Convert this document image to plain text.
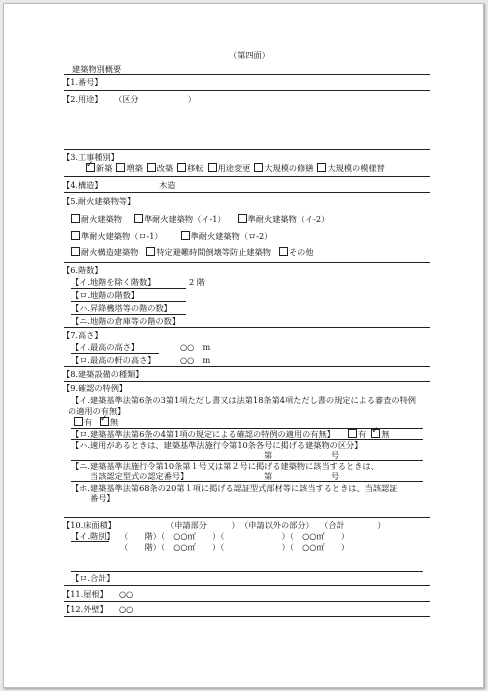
（第四面）
建築物別概要
【1.番号】
【2.用途】 （区分　　　　　　）
【3.工事種別】
✓新築 増築 改築 移転 用途変更 大規模の修繕 大規模の模様替
【4.構造】	木造
【5.耐火建築物等】
耐火建築物	準耐火建築物（イ-1）	準耐火建築物（イ-2）
準耐火建築物（ロ-1）	準耐火建築物（ロ-2）
耐火構造建築物 特定避難時間倒壊等防止建築物 その他
【6.階数】
【イ.地階を除く階数】	2 階
【ロ.地階の階数】
【ハ.昇降機塔等の階の数】
【ニ.地階の倉庫等の階の数】
【7.高さ】
【イ.最高の高さ】	○○　m
【ロ.最高の軒の高さ】	○○　m
【8.建築設備の種類】
【9.確認の特例】
【イ.建築基準法第6条の3第1項ただし書又は法第18条第4項ただし書の規定による審査の特例
の適用の有無】
有 ✓ 無
【ロ.建築基準法第6条の4第1項の規定による確認の特例の適用の有無】	有 ✓ 無
【ハ.適用があるときは、建築基準法施行令第10条各号に掲げる建築物の区分】
第	号
【ニ.建築基準法施行令第10条第１号又は第２号に掲げる建築物に該当するときは、
当該認定型式の認定番号】	第	号
【ホ.建築基準法第68条の20第１項に掲げる認証型式部材等に該当するときは、当該認証
番号】
【10.床面積】	（申請部分　　　） （申請以外の部分） （合計　　　　）
【イ.階別】 （　　階）（　○○㎡　　）（　　　　　　　）（　○○㎡　　）
（　　階）（　○○㎡　　）（　　　　　　　）（　○○㎡　　）
【ロ.合計】
【11.屋根】 ○○
【12.外壁】 ○○
